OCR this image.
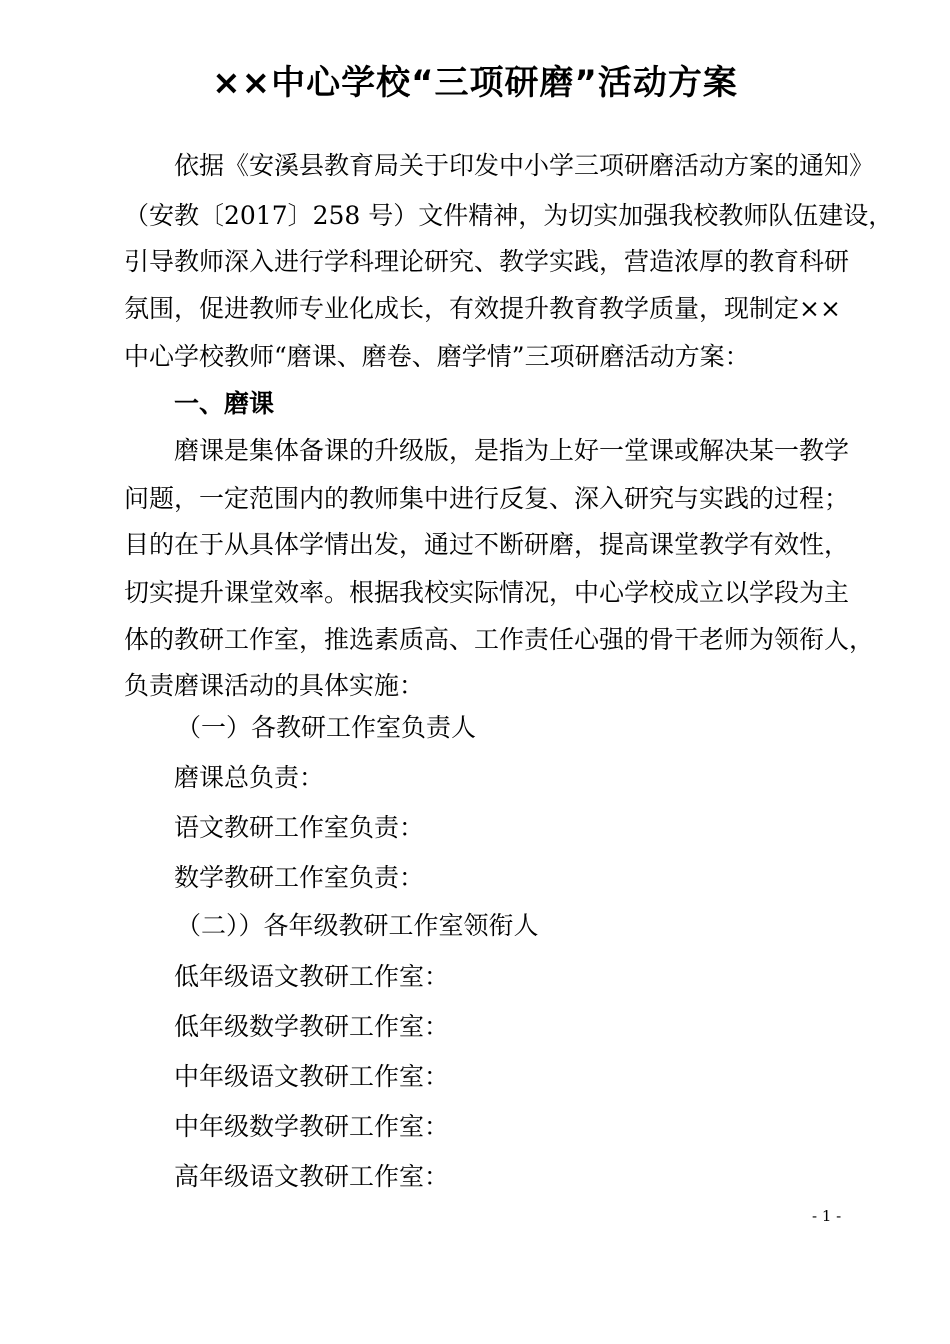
××中心学校“三项研磨”活动方案
依据《安溪县教育局关于印发中小学三项研磨活动方案的通知》
（安教〔2017〕258 号）文件精神，为切实加强我校教师队伍建设，
引导教师深入进行学科理论研究、教学实践，营造浓厚的教育科研
氛围，促进教师专业化成长，有效提升教育教学质量，现制定××
中心学校教师“磨课、磨卷、磨学情”三项研磨活动方案：
一、磨课
磨课是集体备课的升级版，是指为上好一堂课或解决某一教学
问题，一定范围内的教师集中进行反复、深入研究与实践的过程；
目的在于从具体学情出发，通过不断研磨，提高课堂教学有效性，
切实提升课堂效率。根据我校实际情况，中心学校成立以学段为主
体的教研工作室，推选素质高、工作责任心强的骨干老师为领衔人，
负责磨课活动的具体实施：
（一）各教研工作室负责人
磨课总负责：
语文教研工作室负责：
数学教研工作室负责：
（二））各年级教研工作室领衔人
低年级语文教研工作室：
低年级数学教研工作室：
中年级语文教研工作室：
中年级数学教研工作室：
高年级语文教研工作室：
- 1 -
